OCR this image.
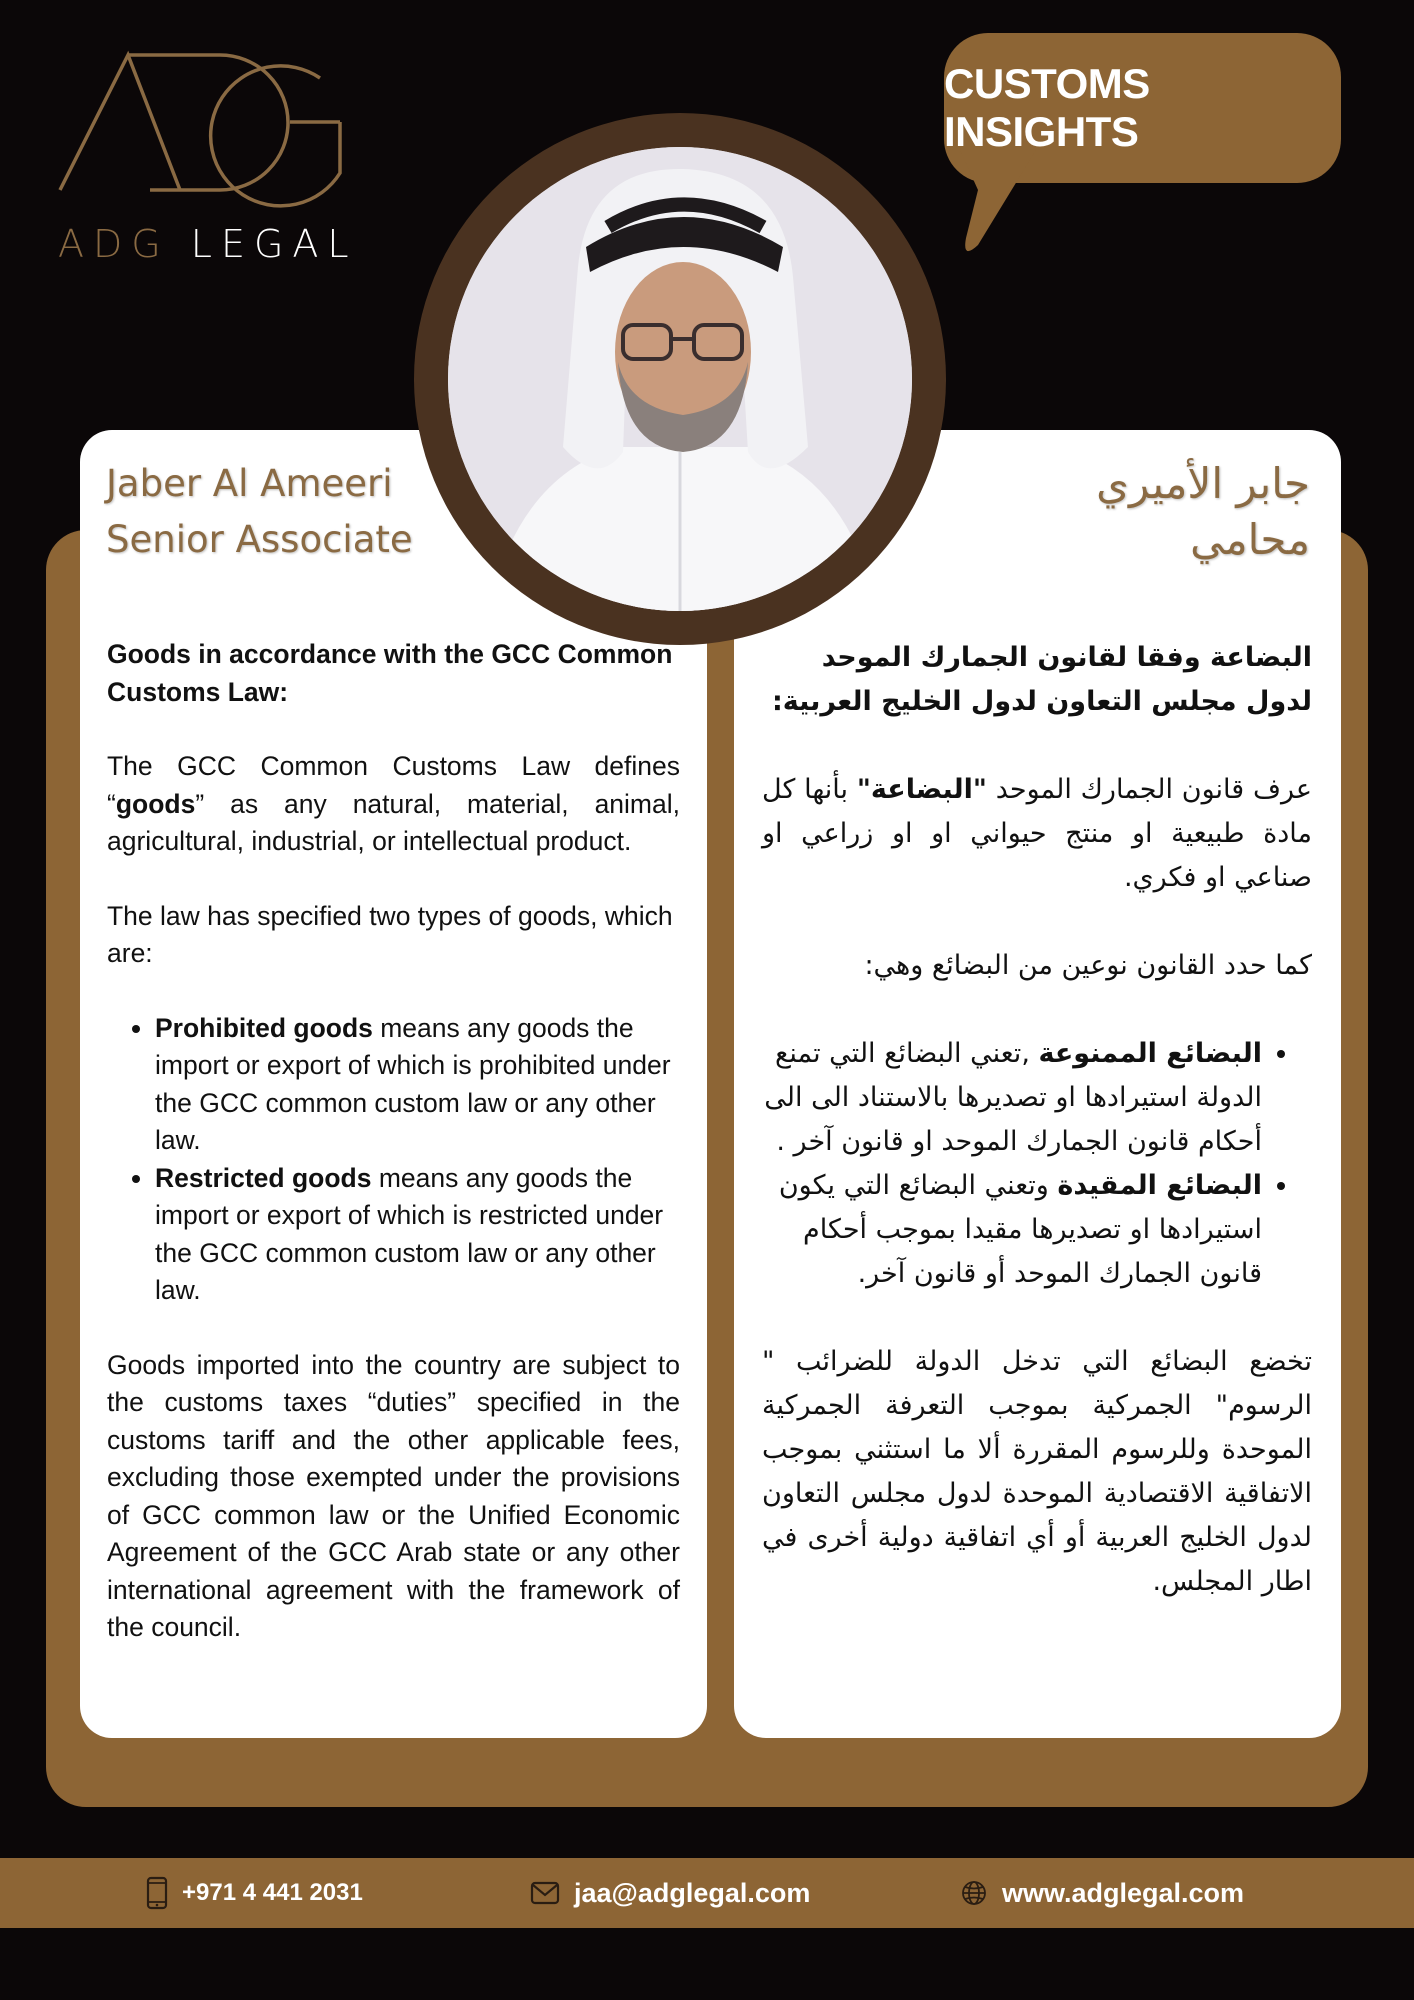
ADG LEGAL
CUSTOMS INSIGHTS
Jaber Al Ameeri
Senior Associate
جابر الأميري
محامي

Goods in accordance with the GCC Common Customs Law:

The GCC Common Customs Law defines “goods” as any natural, material, animal, agricultural, industrial, or intellectual product.

The law has specified two types of goods, which are:

• Prohibited goods means any goods the import or export of which is prohibited under the GCC common custom law or any other law.
• Restricted goods means any goods the import or export of which is restricted under the GCC common custom law or any other law.

Goods imported into the country are subject to the customs taxes “duties” specified in the customs tariff and the other applicable fees, excluding those exempted under the provisions of GCC common law or the Unified Economic Agreement of the GCC Arab state or any other international agreement with the framework of the council.

البضاعة وفقا لقانون الجمارك الموحد لدول مجلس التعاون لدول الخليج العربية:

عرف قانون الجمارك الموحد "البضاعة" بأنها كل مادة طبيعية او منتج حيواني او او زراعي او صناعي او فكري.

كما حدد القانون نوعين من البضائع وهي:

• البضائع الممنوعة ,تعني البضائع التي تمنع الدولة استيرادها او تصديرها بالاستناد الى الى أحكام قانون الجمارك الموحد او قانون آخر .
• البضائع المقيدة وتعني البضائع التي يكون استيرادها او تصديرها مقيدا بموجب أحكام قانون الجمارك الموحد أو قانون آخر.

تخضع البضائع التي تدخل الدولة للضرائب " الرسوم" الجمركية بموجب التعرفة الجمركية الموحدة وللرسوم المقررة ألا ما استثني بموجب الاتفاقية الاقتصادية الموحدة لدول مجلس التعاون لدول الخليج العربية أو أي اتفاقية دولية أخرى في اطار المجلس.

+971 4 441 2031	jaa@adglegal.com	www.adglegal.com
